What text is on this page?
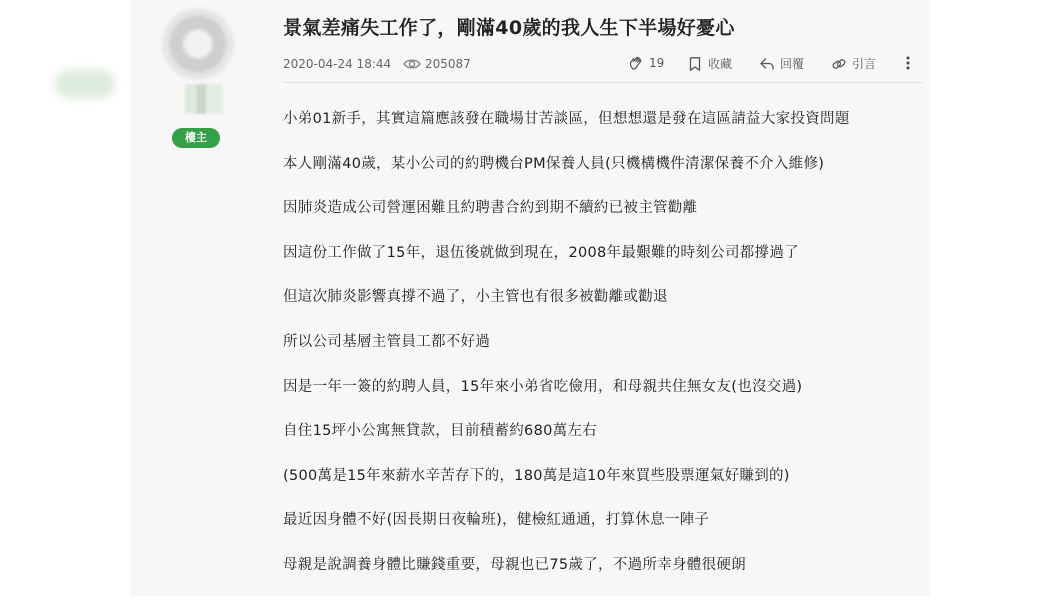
樓主
景氣差痛失工作了，剛滿40歲的我人生下半場好憂心
2020-04-24 18:44	205087	19	收藏	回覆	引言

小弟01新手，其實這篇應該發在職場甘苦談區，但想想還是發在這區請益大家投資問題

本人剛滿40歲，某小公司的約聘機台PM保養人員(只機構機件清潔保養不介入維修)

因肺炎造成公司營運困難且約聘書合約到期不續約已被主管勸離

因這份工作做了15年，退伍後就做到現在，2008年最艱難的時刻公司都撐過了

但這次肺炎影響真撐不過了，小主管也有很多被勸離或勸退

所以公司基層主管員工都不好過

因是一年一簽的約聘人員，15年來小弟省吃儉用，和母親共住無女友(也沒交過)

自住15坪小公寓無貸款，目前積蓄約680萬左右

(500萬是15年來薪水辛苦存下的，180萬是這10年來買些股票運氣好賺到的)

最近因身體不好(因長期日夜輪班)，健檢紅通通，打算休息一陣子

母親是說調養身體比賺錢重要，母親也已75歲了，不過所幸身體很硬朗
